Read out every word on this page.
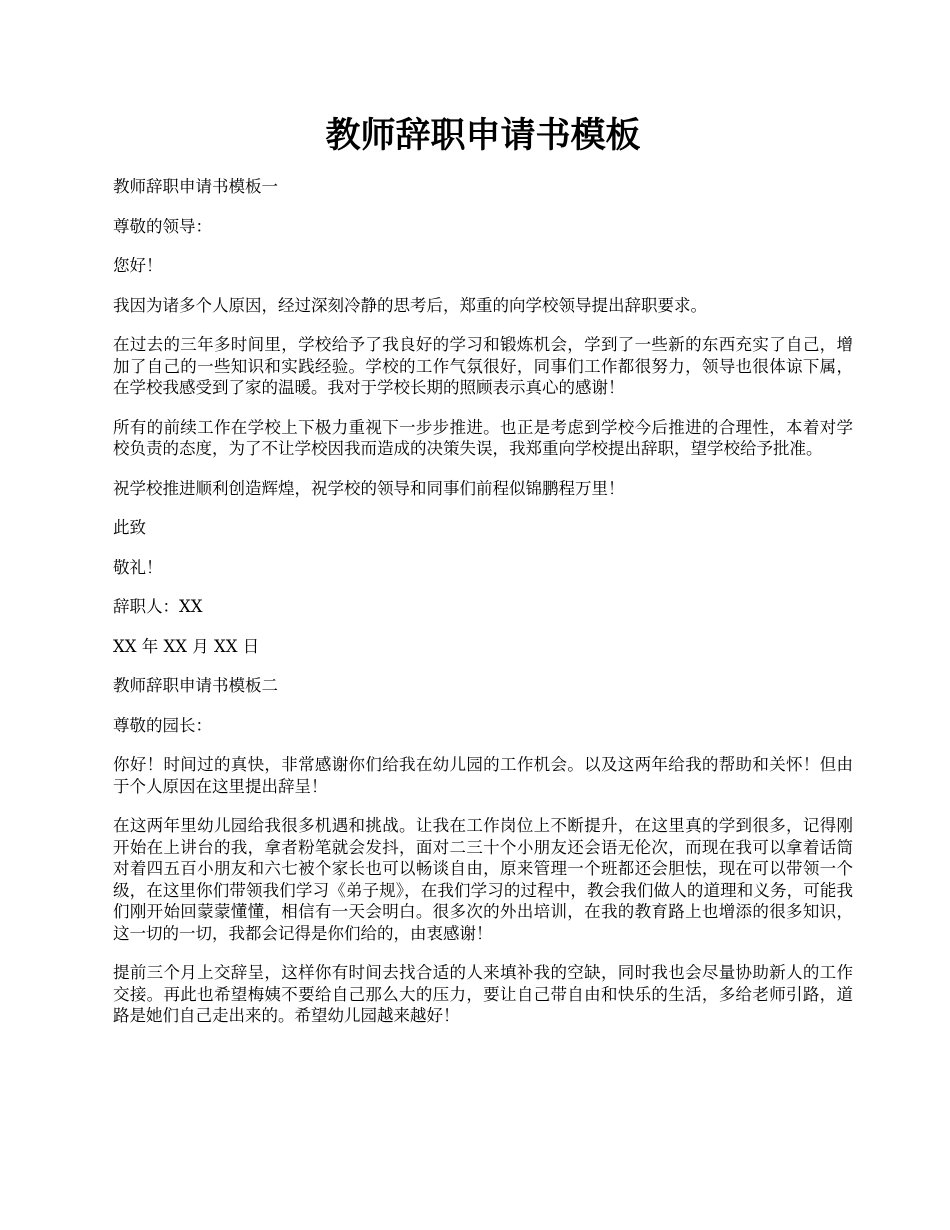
教师辞职申请书模板

教师辞职申请书模板一

尊敬的领导：

您好！

我因为诸多个人原因，经过深刻冷静的思考后，郑重的向学校领导提出辞职要求。

在过去的三年多时间里，学校给予了我良好的学习和锻炼机会，学到了一些新的东西充实了自己，增加了自己的一些知识和实践经验。学校的工作气氛很好，同事们工作都很努力，领导也很体谅下属，在学校我感受到了家的温暖。我对于学校长期的照顾表示真心的感谢！

所有的前续工作在学校上下极力重视下一步步推进。也正是考虑到学校今后推进的合理性，本着对学校负责的态度，为了不让学校因我而造成的决策失误，我郑重向学校提出辞职，望学校给予批准。

祝学校推进顺利创造辉煌，祝学校的领导和同事们前程似锦鹏程万里！

此致

敬礼！

辞职人：XX

XX 年 XX 月 XX 日

教师辞职申请书模板二

尊敬的园长：

你好！时间过的真快，非常感谢你们给我在幼儿园的工作机会。以及这两年给我的帮助和关怀！但由于个人原因在这里提出辞呈！

在这两年里幼儿园给我很多机遇和挑战。让我在工作岗位上不断提升，在这里真的学到很多，记得刚开始在上讲台的我，拿者粉笔就会发抖，面对二三十个小朋友还会语无伦次，而现在我可以拿着话筒对着四五百小朋友和六七被个家长也可以畅谈自由，原来管理一个班都还会胆怯，现在可以带领一个级，在这里你们带领我们学习《弟子规》，在我们学习的过程中，教会我们做人的道理和义务，可能我们刚开始回蒙蒙懂懂，相信有一天会明白。很多次的外出培训，在我的教育路上也增添的很多知识，这一切的一切，我都会记得是你们给的，由衷感谢！

提前三个月上交辞呈，这样你有时间去找合适的人来填补我的空缺，同时我也会尽量协助新人的工作交接。再此也希望梅姨不要给自己那么大的压力，要让自己带自由和快乐的生活，多给老师引路，道路是她们自己走出来的。希望幼儿园越来越好！
